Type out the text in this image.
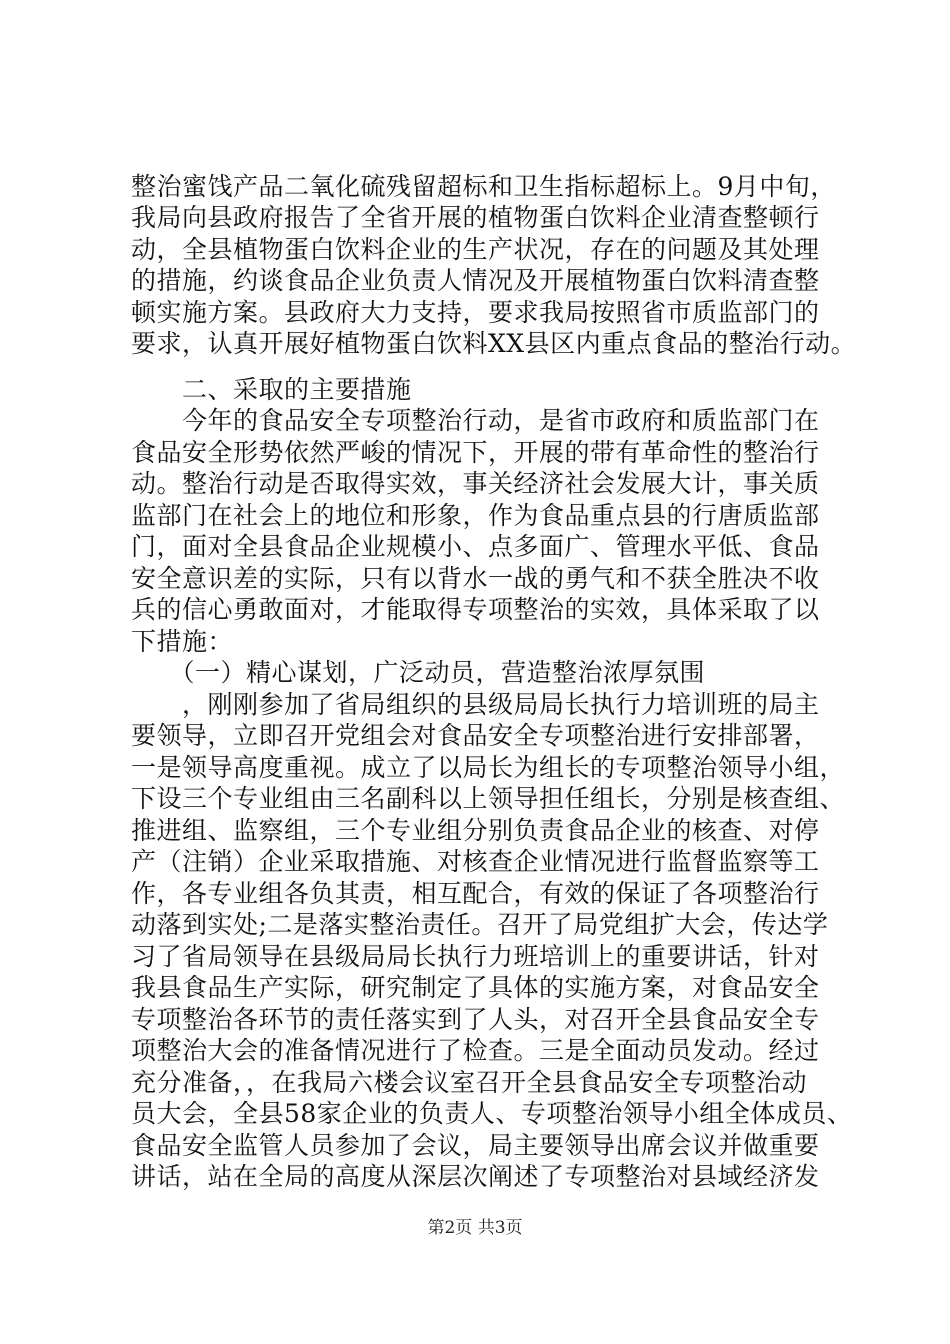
整治蜜饯产品二氧化硫残留超标和卫生指标超标上。9月中旬，
我局向县政府报告了全省开展的植物蛋白饮料企业清查整顿行
动，全县植物蛋白饮料企业的生产状况，存在的问题及其处理
的措施，约谈食品企业负责人情况及开展植物蛋白饮料清查整
顿实施方案。县政府大力支持，要求我局按照省市质监部门的
要求，认真开展好植物蛋白饮料XX县区内重点食品的整治行动。
　　二、采取的主要措施
　　今年的食品安全专项整治行动，是省市政府和质监部门在
食品安全形势依然严峻的情况下，开展的带有革命性的整治行
动。整治行动是否取得实效，事关经济社会发展大计，事关质
监部门在社会上的地位和形象，作为食品重点县的行唐质监部
门，面对全县食品企业规模小、点多面广、管理水平低、食品
安全意识差的实际，只有以背水一战的勇气和不获全胜决不收
兵的信心勇敢面对，才能取得专项整治的实效，具体采取了以
下措施：
　　（一）精心谋划，广泛动员，营造整治浓厚氛围
　　，刚刚参加了省局组织的县级局局长执行力培训班的局主
要领导，立即召开党组会对食品安全专项整治进行安排部署，
一是领导高度重视。成立了以局长为组长的专项整治领导小组，
下设三个专业组由三名副科以上领导担任组长，分别是核查组、
推进组、监察组，三个专业组分别负责食品企业的核查、对停
产（注销）企业采取措施、对核查企业情况进行监督监察等工
作，各专业组各负其责，相互配合，有效的保证了各项整治行
动落到实处;二是落实整治责任。召开了局党组扩大会，传达学
习了省局领导在县级局局长执行力班培训上的重要讲话，针对
我县食品生产实际，研究制定了具体的实施方案，对食品安全
专项整治各环节的责任落实到了人头，对召开全县食品安全专
项整治大会的准备情况进行了检查。三是全面动员发动。经过
充分准备，，在我局六楼会议室召开全县食品安全专项整治动
员大会，全县58家企业的负责人、专项整治领导小组全体成员、
食品安全监管人员参加了会议，局主要领导出席会议并做重要
讲话，站在全局的高度从深层次阐述了专项整治对县域经济发
第2页 共3页
